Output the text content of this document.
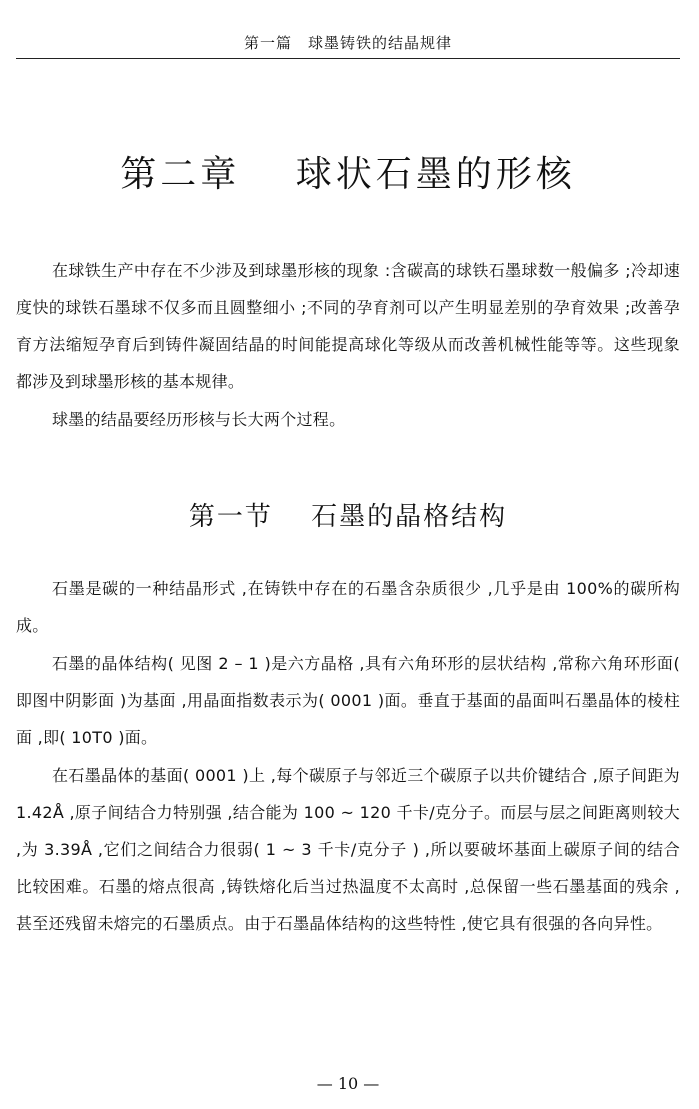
第一篇　球墨铸铁的结晶规律
第二章　 球状石墨的形核

在球铁生产中存在不少涉及到球墨形核的现象 :含碳高的球铁石墨球数一般偏多 ;冷却速度快的球铁石墨球不仅多而且圆整细小 ;不同的孕育剂可以产生明显差别的孕育效果 ;改善孕育方法缩短孕育后到铸件凝固结晶的时间能提高球化等级从而改善机械性能等等。这些现象都涉及到球墨形核的基本规律。

球墨的结晶要经历形核与长大两个过程。

第一节　 石墨的晶格结构

石墨是碳的一种结晶形式 ,在铸铁中存在的石墨含杂质很少 ,几乎是由 100%的碳所构成。

石墨的晶体结构( 见图 2 – 1 )是六方晶格 ,具有六角环形的层状结构 ,常称六角环形面( 即图中阴影面 )为基面 ,用晶面指数表示为( 0001 )面。垂直于基面的晶面叫石墨晶体的棱柱面 ,即( 10T0 )面。

在石墨晶体的基面( 0001 )上 ,每个碳原子与邻近三个碳原子以共价键结合 ,原子间距为 1.42Å ,原子间结合力特别强 ,结合能为 100 ~ 120 千卡/克分子。而层与层之间距离则较大 ,为 3.39Å ,它们之间结合力很弱( 1 ~ 3 千卡/克分子 ) ,所以要破坏基面上碳原子间的结合比较困难。石墨的熔点很高 ,铸铁熔化后当过热温度不太高时 ,总保留一些石墨基面的残余 ,甚至还残留未熔完的石墨质点。由于石墨晶体结构的这些特性 ,使它具有很强的各向异性。

— 10 —
